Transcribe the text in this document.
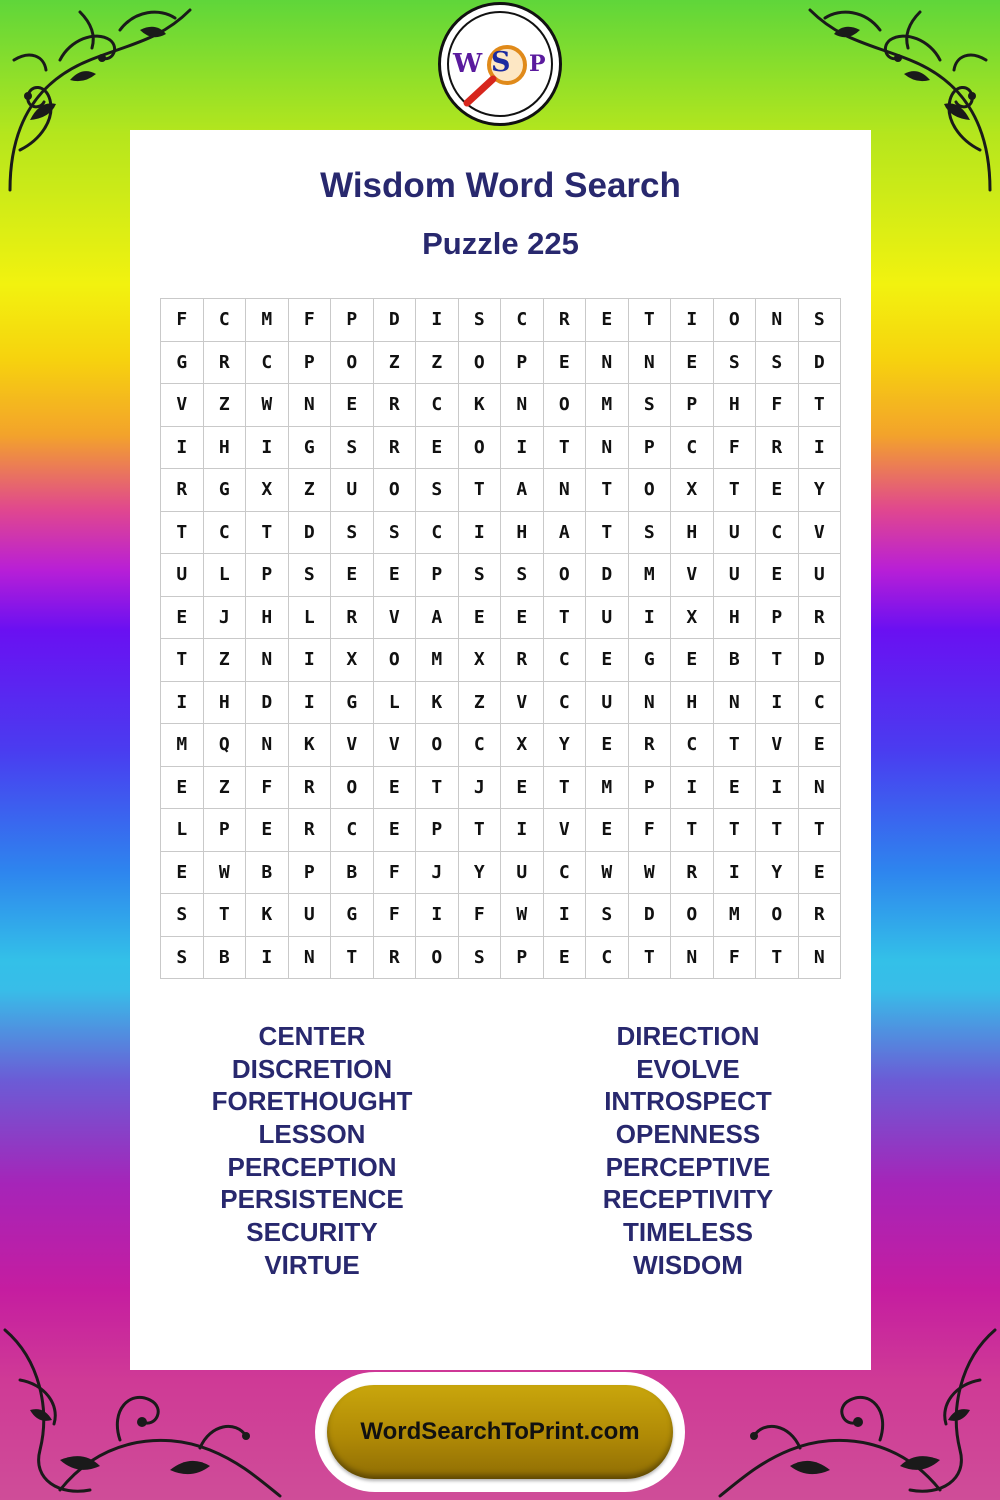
W S P
Wisdom Word Search
Puzzle 225
F	C	M	F	P	D	I	S	C	R	E	T	I	O	N	S
G	R	C	P	O	Z	Z	O	P	E	N	N	E	S	S	D
V	Z	W	N	E	R	C	K	N	O	M	S	P	H	F	T
I	H	I	G	S	R	E	O	I	T	N	P	C	F	R	I
R	G	X	Z	U	O	S	T	A	N	T	O	X	T	E	Y
T	C	T	D	S	S	C	I	H	A	T	S	H	U	C	V
U	L	P	S	E	E	P	S	S	O	D	M	V	U	E	U
E	J	H	L	R	V	A	E	E	T	U	I	X	H	P	R
T	Z	N	I	X	O	M	X	R	C	E	G	E	B	T	D
I	H	D	I	G	L	K	Z	V	C	U	N	H	N	I	C
M	Q	N	K	V	V	O	C	X	Y	E	R	C	T	V	E
E	Z	F	R	O	E	T	J	E	T	M	P	I	E	I	N
L	P	E	R	C	E	P	T	I	V	E	F	T	T	T	T
E	W	B	P	B	F	J	Y	U	C	W	W	R	I	Y	E
S	T	K	U	G	F	I	F	W	I	S	D	O	M	O	R
S	B	I	N	T	R	O	S	P	E	C	T	N	F	T	N
CENTER
DISCRETION
FORETHOUGHT
LESSON
PERCEPTION
PERSISTENCE
SECURITY
VIRTUE
DIRECTION
EVOLVE
INTROSPECT
OPENNESS
PERCEPTIVE
RECEPTIVITY
TIMELESS
WISDOM
WordSearchToPrint.com
